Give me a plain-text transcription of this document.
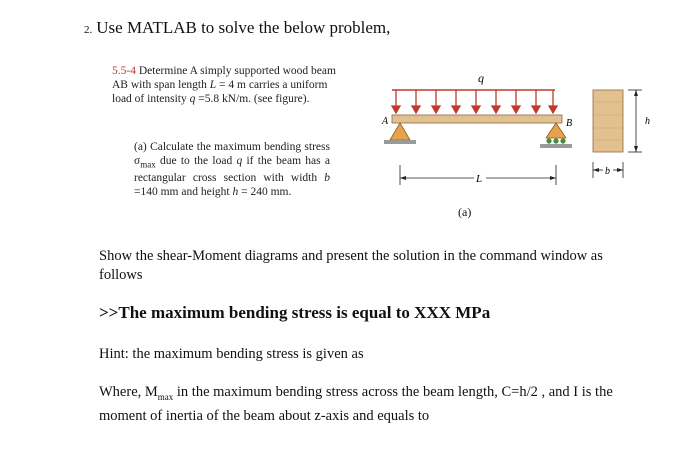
2. Use MATLAB to solve the below problem,
5.5-4 Determine A simply supported wood beam AB with span length L = 4 m carries a uniform load of intensity q =5.8 kN/m. (see figure).
(a) Calculate the maximum bending stress $\sigma_{max}$ due to the load q if the beam has a rectangular cross section with width b =140 mm and height h = 240 mm.
q
A	B
L
h
b
(a)
Show the shear-Moment diagrams and present the solution in the command window as follows
>>The maximum bending stress is equal to XXX MPa
Hint: the maximum bending stress is given as
Where, $M_{max}$ in the maximum bending stress across the beam length, C=h/2 , and I is the moment of inertia of the beam about z-axis and equals to
